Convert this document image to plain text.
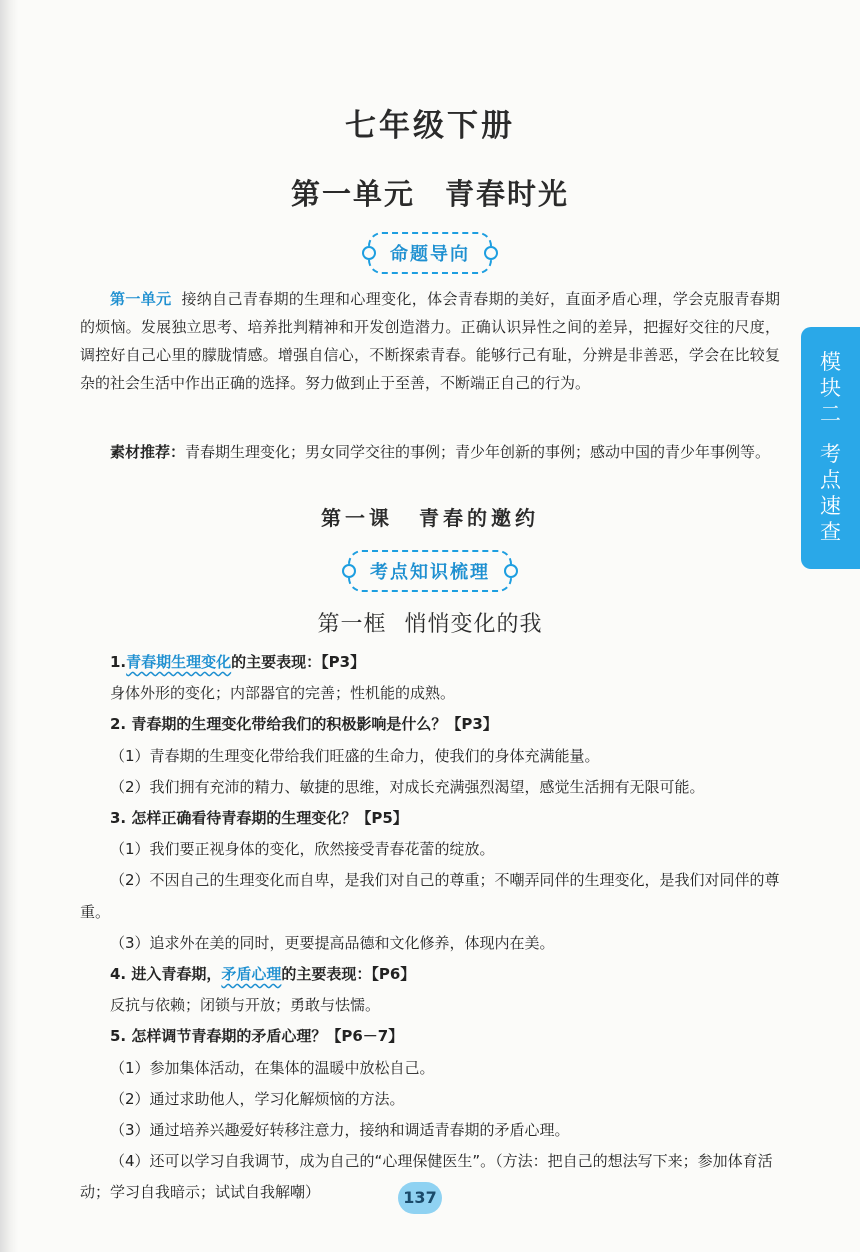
七年级下册
第一单元 青春时光
命题导向
第一单元 接纳自己青春期的生理和心理变化，体会青春期的美好，直面矛盾心理，学会克服青春期的烦恼。发展独立思考、培养批判精神和开发创造潜力。正确认识异性之间的差异，把握好交往的尺度，调控好自己心里的朦胧情感。增强自信心，不断探索青春。能够行己有耻，分辨是非善恶，学会在比较复杂的社会生活中作出正确的选择。努力做到止于至善，不断端正自己的行为。
素材推荐：青春期生理变化；男女同学交往的事例；青少年创新的事例；感动中国的青少年事例等。
第一课 青春的邀约
考点知识梳理
第一框 悄悄变化的我
1.青春期生理变化的主要表现：【P3】
身体外形的变化；内部器官的完善；性机能的成熟。
2. 青春期的生理变化带给我们的积极影响是什么？【P3】
（1）青春期的生理变化带给我们旺盛的生命力，使我们的身体充满能量。
（2）我们拥有充沛的精力、敏捷的思维，对成长充满强烈渴望，感觉生活拥有无限可能。
3. 怎样正确看待青春期的生理变化？【P5】
（1）我们要正视身体的变化，欣然接受青春花蕾的绽放。
（2）不因自己的生理变化而自卑，是我们对自己的尊重；不嘲弄同伴的生理变化，是我们对同伴的尊重。
（3）追求外在美的同时，更要提高品德和文化修养，体现内在美。
4. 进入青春期，矛盾心理的主要表现：【P6】
反抗与依赖；闭锁与开放；勇敢与怯懦。
5. 怎样调节青春期的矛盾心理？【P6－7】
（1）参加集体活动，在集体的温暖中放松自己。
（2）通过求助他人，学习化解烦恼的方法。
（3）通过培养兴趣爱好转移注意力，接纳和调适青春期的矛盾心理。
（4）还可以学习自我调节，成为自己的“心理保健医生”。（方法：把自己的想法写下来；参加体育活动；学习自我暗示；试试自我解嘲）
模
块
二
考
点
速
查
137
